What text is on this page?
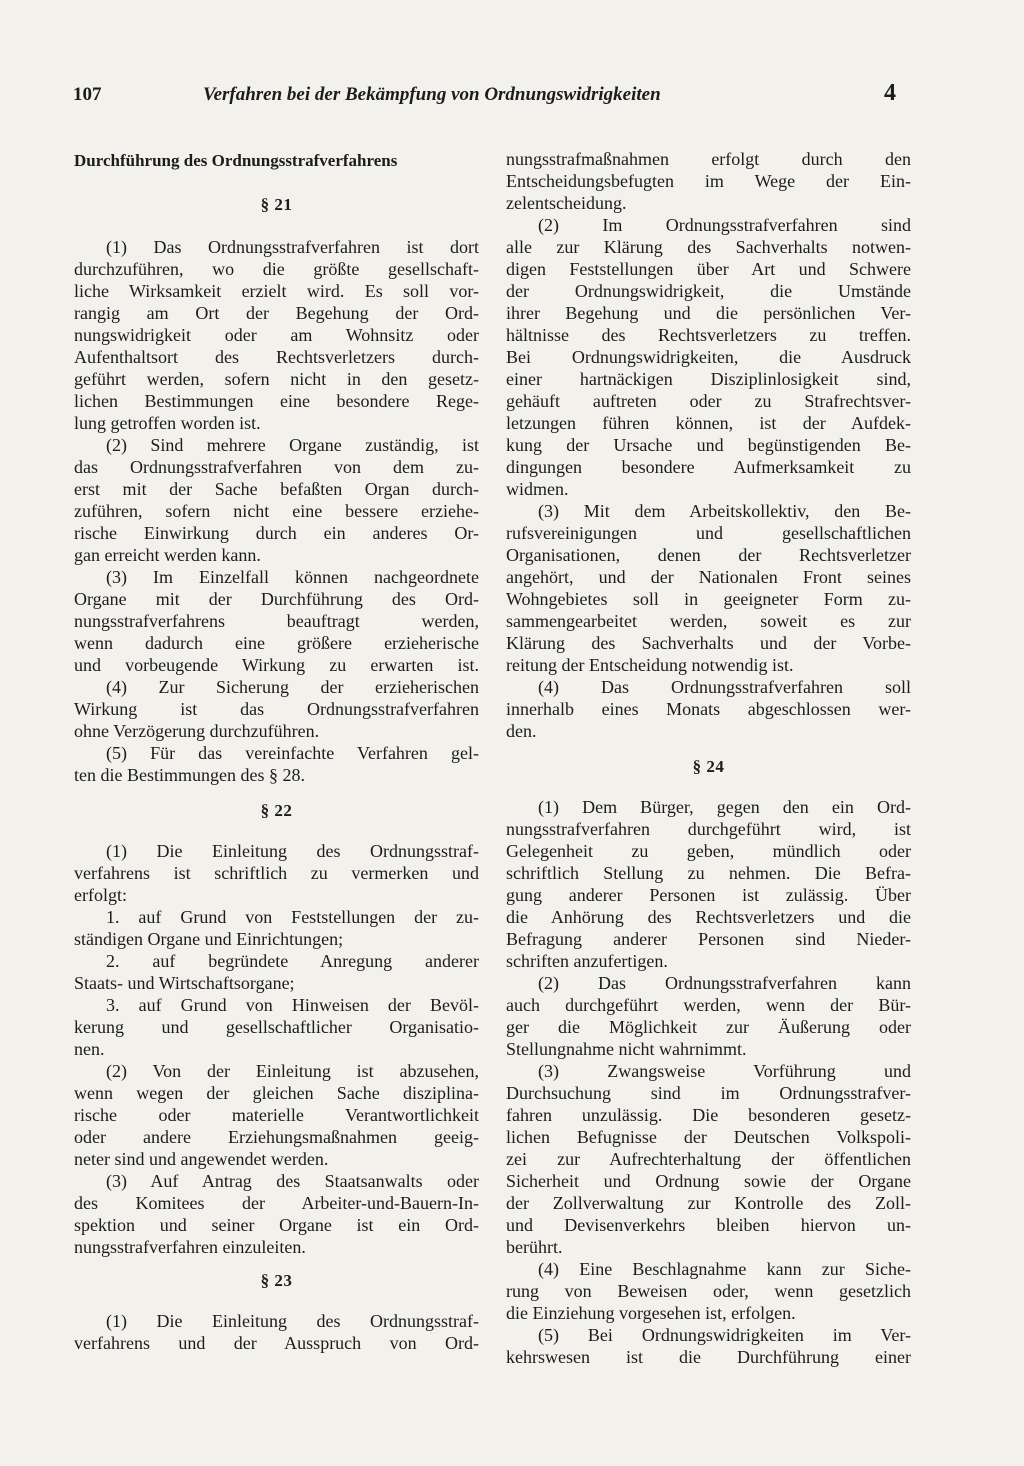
107	Verfahren bei der Bekämpfung von Ordnungswidrigkeiten	4
Durchführung des Ordnungsstrafverfahrens
§ 21
(1) Das Ordnungsstrafverfahren ist dort
durchzuführen, wo die größte gesellschaft-
liche Wirksamkeit erzielt wird. Es soll vor-
rangig am Ort der Begehung der Ord-
nungswidrigkeit oder am Wohnsitz oder
Aufenthaltsort des Rechtsverletzers durch-
geführt werden, sofern nicht in den gesetz-
lichen Bestimmungen eine besondere Rege-
lung getroffen worden ist.
(2) Sind mehrere Organe zuständig, ist
das Ordnungsstrafverfahren von dem zu-
erst mit der Sache befaßten Organ durch-
zuführen, sofern nicht eine bessere erziehe-
rische Einwirkung durch ein anderes Or-
gan erreicht werden kann.
(3) Im Einzelfall können nachgeordnete
Organe mit der Durchführung des Ord-
nungsstrafverfahrens beauftragt werden,
wenn dadurch eine größere erzieherische
und vorbeugende Wirkung zu erwarten ist.
(4) Zur Sicherung der erzieherischen
Wirkung ist das Ordnungsstrafverfahren
ohne Verzögerung durchzuführen.
(5) Für das vereinfachte Verfahren gel-
ten die Bestimmungen des § 28.
§ 22
(1) Die Einleitung des Ordnungsstraf-
verfahrens ist schriftlich zu vermerken und
erfolgt:
1. auf Grund von Feststellungen der zu-
ständigen Organe und Einrichtungen;
2. auf begründete Anregung anderer
Staats- und Wirtschaftsorgane;
3. auf Grund von Hinweisen der Bevöl-
kerung und gesellschaftlicher Organisatio-
nen.
(2) Von der Einleitung ist abzusehen,
wenn wegen der gleichen Sache disziplina-
rische oder materielle Verantwortlichkeit
oder andere Erziehungsmaßnahmen geeig-
neter sind und angewendet werden.
(3) Auf Antrag des Staatsanwalts oder
des Komitees der Arbeiter-und-Bauern-In-
spektion und seiner Organe ist ein Ord-
nungsstrafverfahren einzuleiten.
§ 23
(1) Die Einleitung des Ordnungsstraf-
verfahrens und der Ausspruch von Ord-
nungsstrafmaßnahmen erfolgt durch den
Entscheidungsbefugten im Wege der Ein-
zelentscheidung.
(2) Im Ordnungsstrafverfahren sind
alle zur Klärung des Sachverhalts notwen-
digen Feststellungen über Art und Schwere
der Ordnungswidrigkeit, die Umstände
ihrer Begehung und die persönlichen Ver-
hältnisse des Rechtsverletzers zu treffen.
Bei Ordnungswidrigkeiten, die Ausdruck
einer hartnäckigen Disziplinlosigkeit sind,
gehäuft auftreten oder zu Strafrechtsver-
letzungen führen können, ist der Aufdek-
kung der Ursache und begünstigenden Be-
dingungen besondere Aufmerksamkeit zu
widmen.
(3) Mit dem Arbeitskollektiv, den Be-
rufsvereinigungen und gesellschaftlichen
Organisationen, denen der Rechtsverletzer
angehört, und der Nationalen Front seines
Wohngebietes soll in geeigneter Form zu-
sammengearbeitet werden, soweit es zur
Klärung des Sachverhalts und der Vorbe-
reitung der Entscheidung notwendig ist.
(4) Das Ordnungsstrafverfahren soll
innerhalb eines Monats abgeschlossen wer-
den.
§ 24
(1) Dem Bürger, gegen den ein Ord-
nungsstrafverfahren durchgeführt wird, ist
Gelegenheit zu geben, mündlich oder
schriftlich Stellung zu nehmen. Die Befra-
gung anderer Personen ist zulässig. Über
die Anhörung des Rechtsverletzers und die
Befragung anderer Personen sind Nieder-
schriften anzufertigen.
(2) Das Ordnungsstrafverfahren kann
auch durchgeführt werden, wenn der Bür-
ger die Möglichkeit zur Äußerung oder
Stellungnahme nicht wahrnimmt.
(3) Zwangsweise Vorführung und
Durchsuchung sind im Ordnungsstrafver-
fahren unzulässig. Die besonderen gesetz-
lichen Befugnisse der Deutschen Volkspoli-
zei zur Aufrechterhaltung der öffentlichen
Sicherheit und Ordnung sowie der Organe
der Zollverwaltung zur Kontrolle des Zoll-
und Devisenverkehrs bleiben hiervon un-
berührt.
(4) Eine Beschlagnahme kann zur Siche-
rung von Beweisen oder, wenn gesetzlich
die Einziehung vorgesehen ist, erfolgen.
(5) Bei Ordnungswidrigkeiten im Ver-
kehrswesen ist die Durchführung einer
